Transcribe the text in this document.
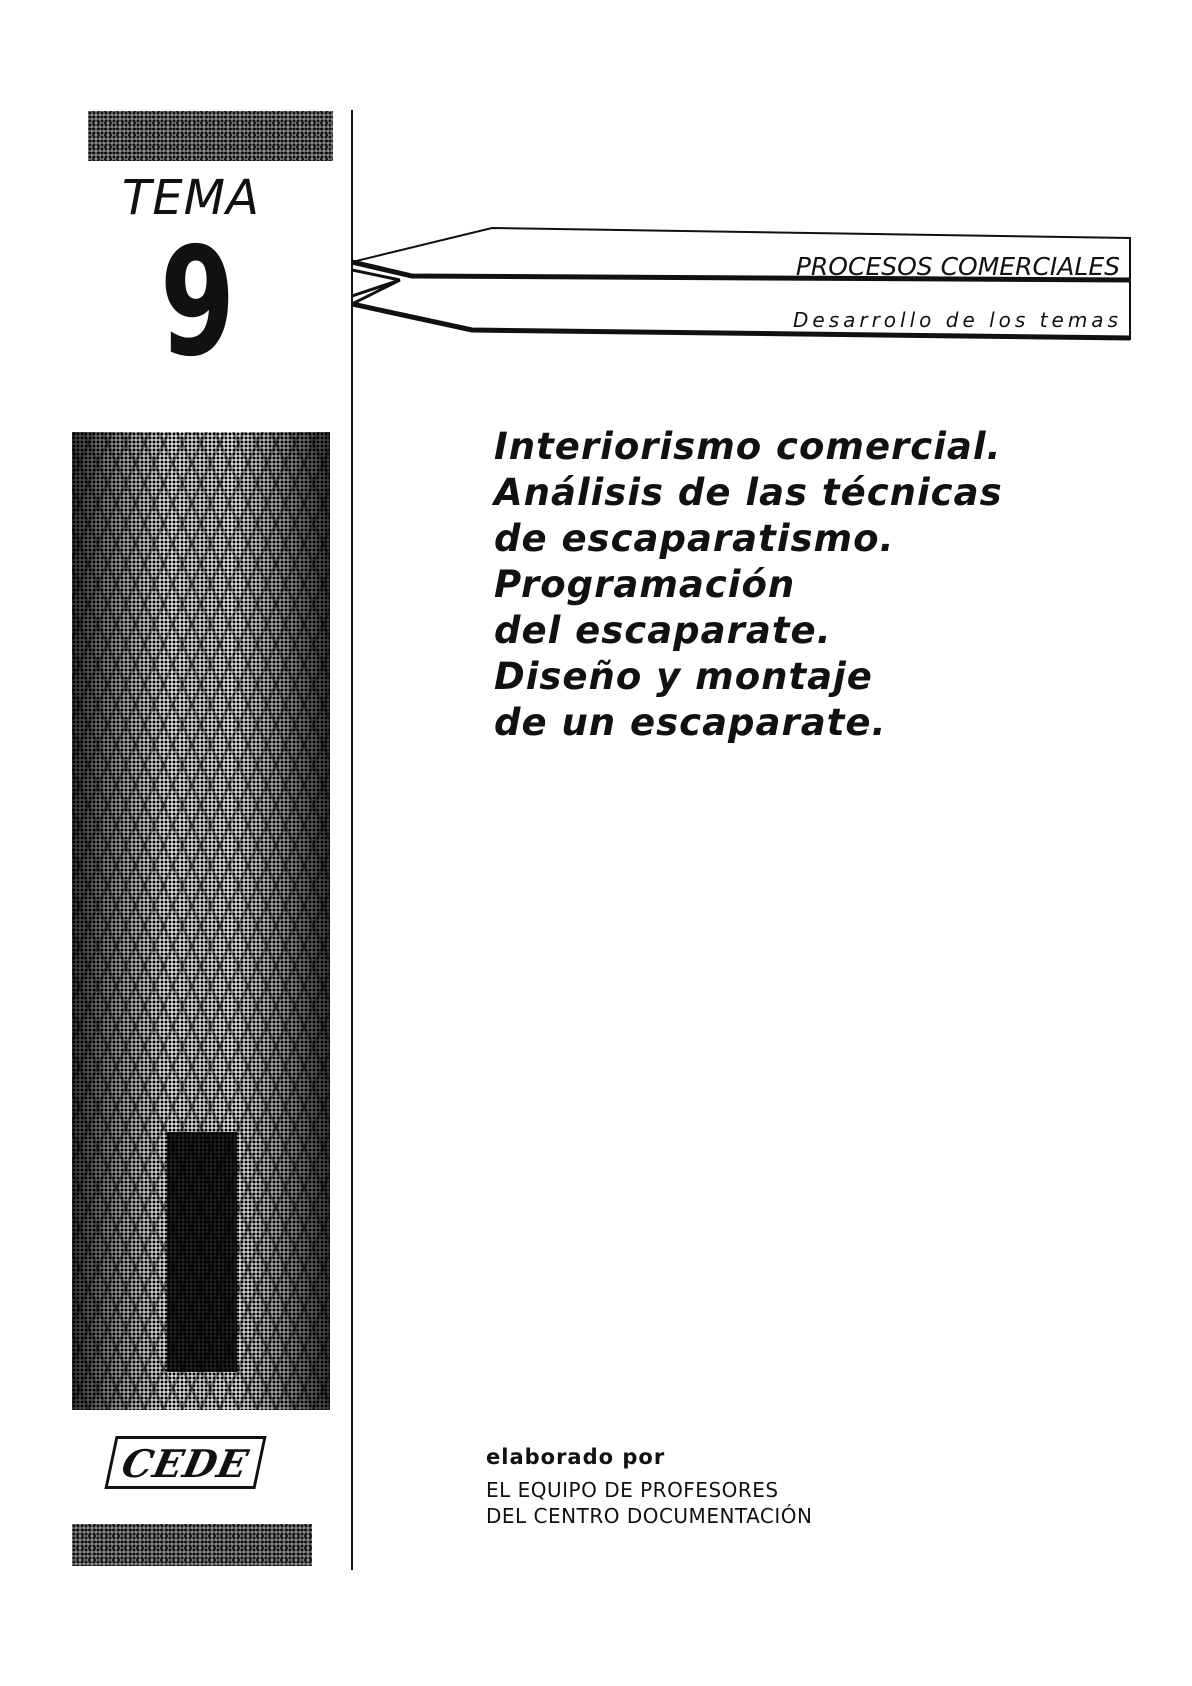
TEMA
9	PROCESOS COMERCIALES
Desarrollo de los temas
Interiorismo comercial.
Análisis de las técnicas
de escaparatismo.
Programación
del escaparate.
Diseño y montaje
de un escaparate.
CEDE	elaborado por
EL EQUIPO DE PROFESORES
DEL CENTRO DOCUMENTACIÓN
